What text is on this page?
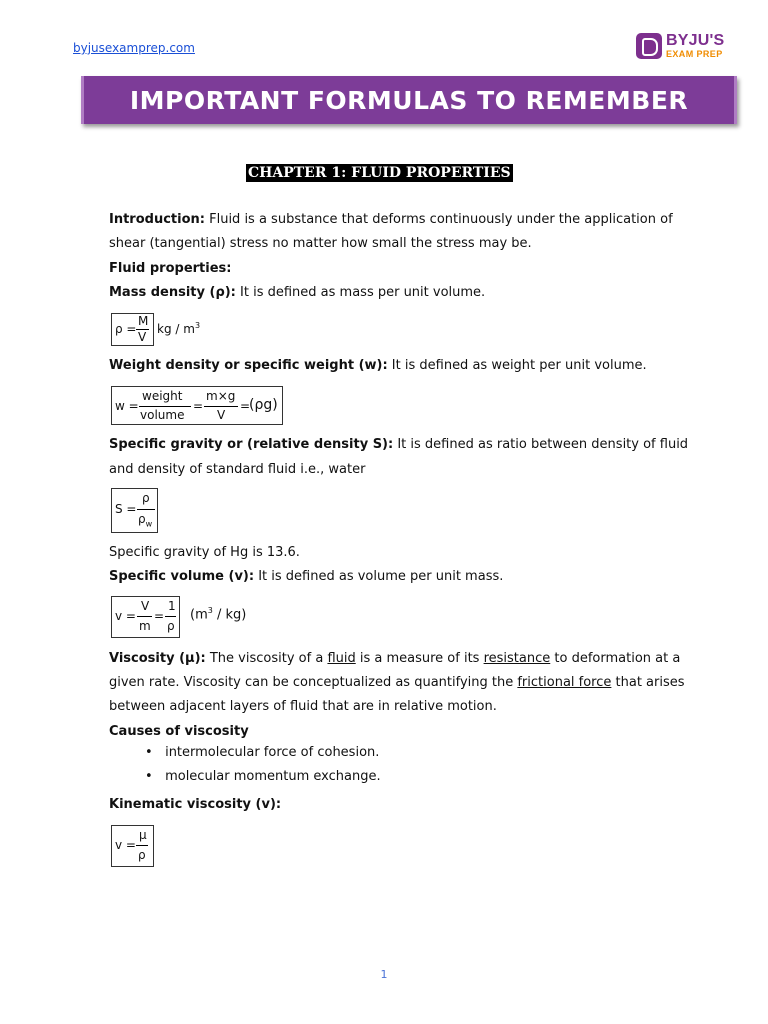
byjusexamprep.com	BYJU'S
EXAM PREP
IMPORTANT FORMULAS TO REMEMBER
CHAPTER 1: FLUID PROPERTIES

Introduction: Fluid is a substance that deforms continuously under the application of

shear (tangential) stress no matter how small the stress may be.

Fluid properties:

Mass density (ρ): It is defined as mass per unit volume.

ρ =
M
V
kg / $m^3$

Weight density or specific weight (w): It is defined as weight per unit volume.

w =
weight
volume
=
m×g
V
=
(ρg)

Specific gravity or (relative density S): It is defined as ratio between density of fluid

and density of standard fluid i.e., water

S =
ρ
$\rho_w$

Specific gravity of Hg is 13.6.

Specific volume (v): It is defined as volume per unit mass.

v =
V
m
=
1
ρ
$(m^3 / kg)$

Viscosity (μ): The viscosity of a fluid is a measure of its resistance to deformation at a

given rate. Viscosity can be conceptualized as quantifying the frictional force that arises

between adjacent layers of fluid that are in relative motion.

Causes of viscosity

•   intermolecular force of cohesion.
•   molecular momentum exchange.

Kinematic viscosity (v):

v =
μ
ρ
1
